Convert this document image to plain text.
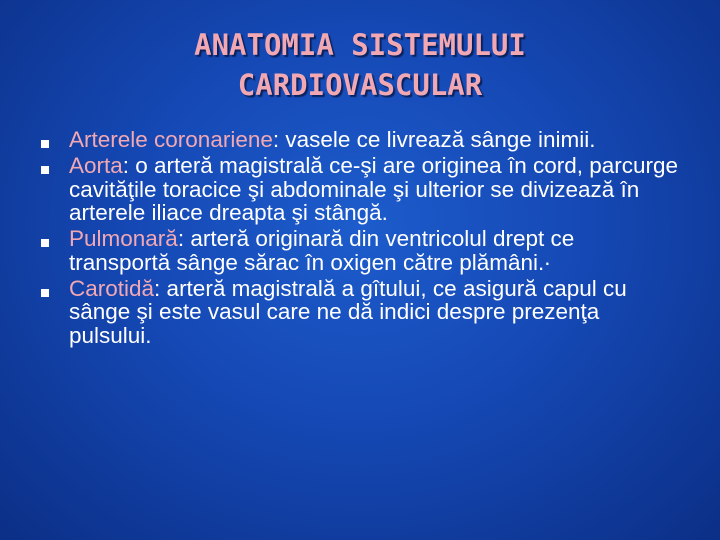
ANATOMIA SISTEMULUI
CARDIOVASCULAR
Arterele coronariene: vasele ce livrează sânge inimii.
Aorta: o arteră magistrală ce-şi are originea în cord, parcurge cavităţile toracice şi abdominale şi ulterior se divizează în arterele iliace dreapta şi stângă.
Pulmonară: arteră originară din ventricolul drept ce transportă sânge sărac în oxigen către plămâni.∙
Carotidă: arteră magistrală a gîtului, ce asigură capul cu sânge şi este vasul care ne dă indici despre prezenţa pulsului.
